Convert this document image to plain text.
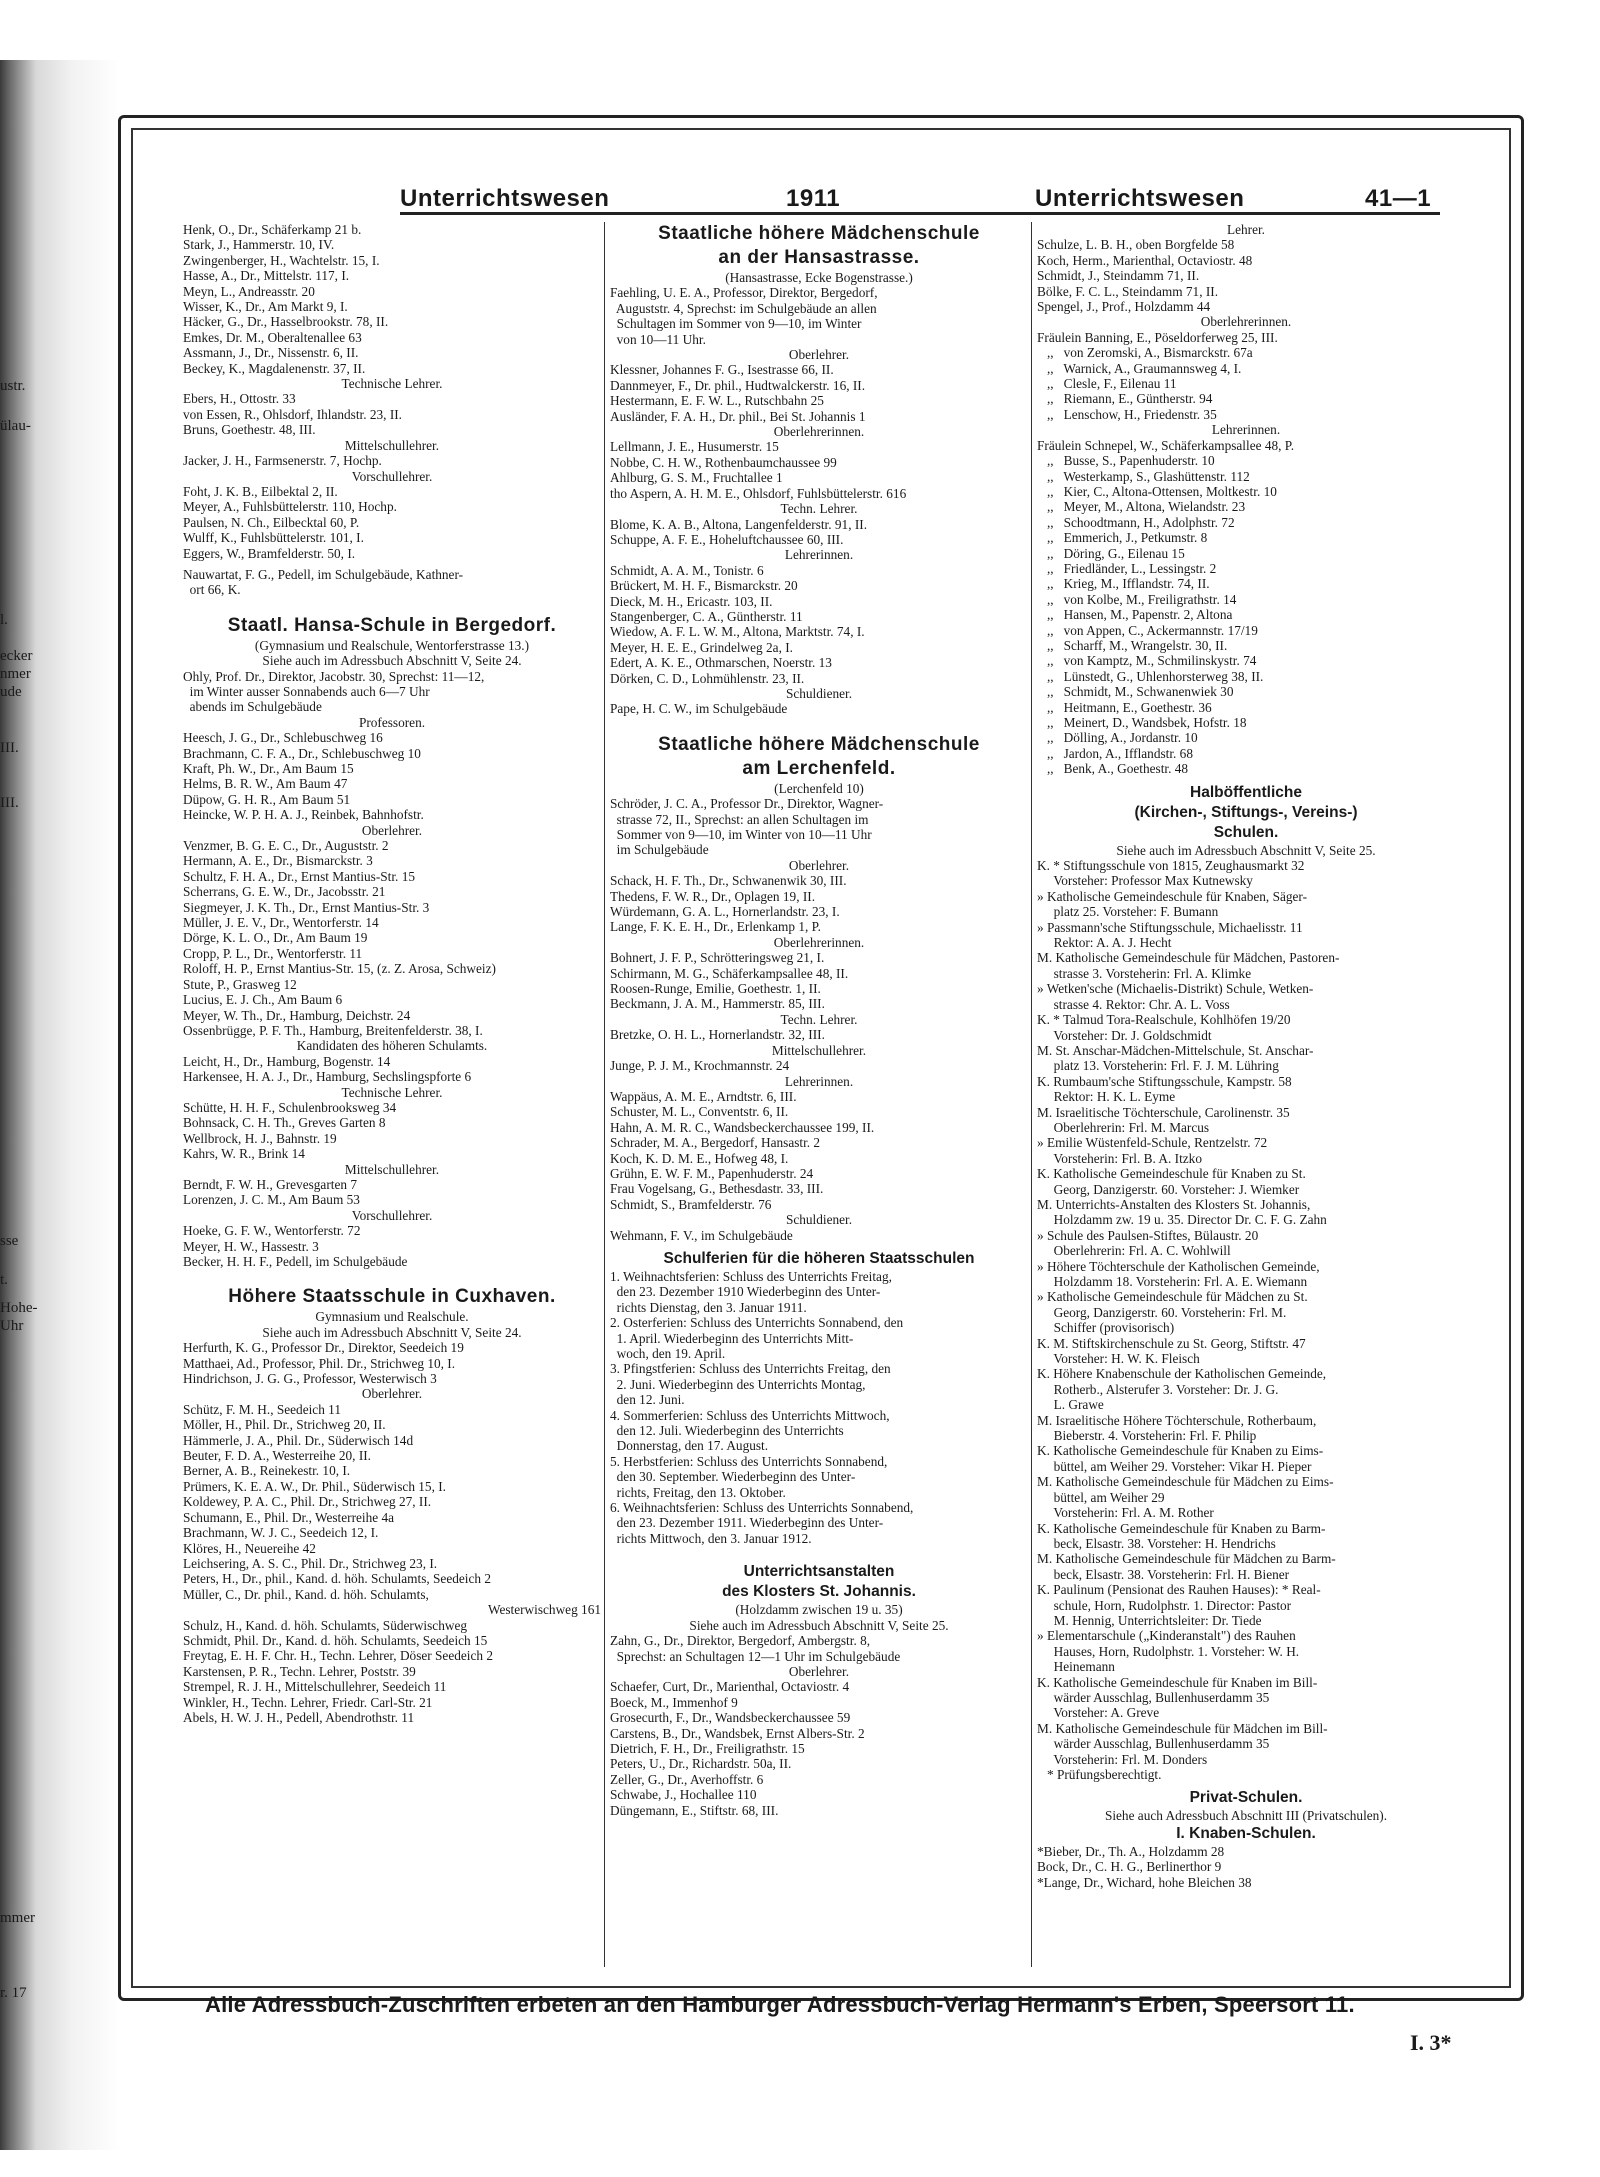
ustr.
ülau-
l.
ecker
nmer
ude
III.
III.
sse
t.
Hohe-
Uhr
mmer
r. 17
Unterrichtswesen	1911	Unterrichtswesen	41—1
Henk, O., Dr., Schäferkamp 21 b.
Stark, J., Hammerstr. 10, IV.
Zwingenberger, H., Wachtelstr. 15, I.
Hasse, A., Dr., Mittelstr. 117, I.
Meyn, L., Andreasstr. 20
Wisser, K., Dr., Am Markt 9, I.
Häcker, G., Dr., Hasselbrookstr. 78, II.
Emkes, Dr. M., Oberaltenallee 63
Assmann, J., Dr., Nissenstr. 6, II.
Beckey, K., Magdalenenstr. 37, II.
Technische Lehrer.
Ebers, H., Ottostr. 33
von Essen, R., Ohlsdorf, Ihlandstr. 23, II.
Bruns, Goethestr. 48, III.
Mittelschullehrer.
Jacker, J. H., Farmsenerstr. 7, Hochp.
Vorschullehrer.
Foht, J. K. B., Eilbektal 2, II.
Meyer, A., Fuhlsbüttelerstr. 110, Hochp.
Paulsen, N. Ch., Eilbecktal 60, P.
Wulff, K., Fuhlsbüttelerstr. 101, I.
Eggers, W., Bramfelderstr. 50, I.
Nauwartat, F. G., Pedell, im Schulgebäude, Kathner-
ort 66, K.
Staatl. Hansa-Schule in Bergedorf.
(Gymnasium und Realschule, Wentorferstrasse 13.)
Siehe auch im Adressbuch Abschnitt V, Seite 24.
Ohly, Prof. Dr., Direktor, Jacobstr. 30, Sprechst: 11—12,
im Winter ausser Sonnabends auch 6—7 Uhr
abends im Schulgebäude
Professoren.
Heesch, J. G., Dr., Schlebuschweg 16
Brachmann, C. F. A., Dr., Schlebuschweg 10
Kraft, Ph. W., Dr., Am Baum 15
Helms, B. R. W., Am Baum 47
Düpow, G. H. R., Am Baum 51
Heincke, W. P. H. A. J., Reinbek, Bahnhofstr.
Oberlehrer.
Venzmer, B. G. E. C., Dr., Auguststr. 2
Hermann, A. E., Dr., Bismarckstr. 3
Schultz, F. H. A., Dr., Ernst Mantius-Str. 15
Scherrans, G. E. W., Dr., Jacobsstr. 21
Siegmeyer, J. K. Th., Dr., Ernst Mantius-Str. 3
Müller, J. E. V., Dr., Wentorferstr. 14
Dörge, K. L. O., Dr., Am Baum 19
Cropp, P. L., Dr., Wentorferstr. 11
Roloff, H. P., Ernst Mantius-Str. 15, (z. Z. Arosa, Schweiz)
Stute, P., Grasweg 12
Lucius, E. J. Ch., Am Baum 6
Meyer, W. Th., Dr., Hamburg, Deichstr. 24
Ossenbrügge, P. F. Th., Hamburg, Breitenfelderstr. 38, I.
Kandidaten des höheren Schulamts.
Leicht, H., Dr., Hamburg, Bogenstr. 14
Harkensee, H. A. J., Dr., Hamburg, Sechslingspforte 6
Technische Lehrer.
Schütte, H. H. F., Schulenbrooksweg 34
Bohnsack, C. H. Th., Greves Garten 8
Wellbrock, H. J., Bahnstr. 19
Kahrs, W. R., Brink 14
Mittelschullehrer.
Berndt, F. W. H., Grevesgarten 7
Lorenzen, J. C. M., Am Baum 53
Vorschullehrer.
Hoeke, G. F. W., Wentorferstr. 72
Meyer, H. W., Hassestr. 3
Becker, H. H. F., Pedell, im Schulgebäude
Höhere Staatsschule in Cuxhaven.
Gymnasium und Realschule.
Siehe auch im Adressbuch Abschnitt V, Seite 24.
Herfurth, K. G., Professor Dr., Direktor, Seedeich 19
Matthaei, Ad., Professor, Phil. Dr., Strichweg 10, I.
Hindrichson, J. G. G., Professor, Westerwisch 3
Oberlehrer.
Schütz, F. M. H., Seedeich 11
Möller, H., Phil. Dr., Strichweg 20, II.
Hämmerle, J. A., Phil. Dr., Süderwisch 14d
Beuter, F. D. A., Westerreihe 20, II.
Berner, A. B., Reinekestr. 10, I.
Prümers, K. E. A. W., Dr. Phil., Süderwisch 15, I.
Koldewey, P. A. C., Phil. Dr., Strichweg 27, II.
Schumann, E., Phil. Dr., Westerreihe 4a
Brachmann, W. J. C., Seedeich 12, I.
Klöres, H., Neuereihe 42
Leichsering, A. S. C., Phil. Dr., Strichweg 23, I.
Peters, H., Dr., phil., Kand. d. höh. Schulamts, Seedeich 2
Müller, C., Dr. phil., Kand. d. höh. Schulamts,
Westerwischweg 161
Schulz, H., Kand. d. höh. Schulamts, Süderwischweg
Schmidt, Phil. Dr., Kand. d. höh. Schulamts, Seedeich 15
Freytag, E. H. F. Chr. H., Techn. Lehrer, Döser Seedeich 2
Karstensen, P. R., Techn. Lehrer, Poststr. 39
Strempel, R. J. H., Mittelschullehrer, Seedeich 11
Winkler, H., Techn. Lehrer, Friedr. Carl-Str. 21
Abels, H. W. J. H., Pedell, Abendrothstr. 11
Staatliche höhere Mädchenschule
an der Hansastrasse.
(Hansastrasse, Ecke Bogenstrasse.)
Faehling, U. E. A., Professor, Direktor, Bergedorf,
Auguststr. 4, Sprechst: im Schulgebäude an allen
Schultagen im Sommer von 9—10, im Winter
von 10—11 Uhr.
Oberlehrer.
Klessner, Johannes F. G., Isestrasse 66, II.
Dannmeyer, F., Dr. phil., Hudtwalckerstr. 16, II.
Hestermann, E. F. W. L., Rutschbahn 25
Ausländer, F. A. H., Dr. phil., Bei St. Johannis 1
Oberlehrerinnen.
Lellmann, J. E., Husumerstr. 15
Nobbe, C. H. W., Rothenbaumchaussee 99
Ahlburg, G. S. M., Fruchtallee 1
tho Aspern, A. H. M. E., Ohlsdorf, Fuhlsbüttelerstr. 616
Techn. Lehrer.
Blome, K. A. B., Altona, Langenfelderstr. 91, II.
Schuppe, A. F. E., Hoheluftchaussee 60, III.
Lehrerinnen.
Schmidt, A. A. M., Tonistr. 6
Brückert, M. H. F., Bismarckstr. 20
Dieck, M. H., Ericastr. 103, II.
Stangenberger, C. A., Güntherstr. 11
Wiedow, A. F. L. W. M., Altona, Marktstr. 74, I.
Meyer, H. E. E., Grindelweg 2a, I.
Edert, A. K. E., Othmarschen, Noerstr. 13
Dörken, C. D., Lohmühlenstr. 23, II.
Schuldiener.
Pape, H. C. W., im Schulgebäude
Staatliche höhere Mädchenschule
am Lerchenfeld.
(Lerchenfeld 10)
Schröder, J. C. A., Professor Dr., Direktor, Wagner-
strasse 72, II., Sprechst: an allen Schultagen im
Sommer von 9—10, im Winter von 10—11 Uhr
im Schulgebäude
Oberlehrer.
Schack, H. F. Th., Dr., Schwanenwik 30, III.
Thedens, F. W. R., Dr., Oplagen 19, II.
Würdemann, G. A. L., Hornerlandstr. 23, I.
Lange, F. K. E. H., Dr., Erlenkamp 1, P.
Oberlehrerinnen.
Bohnert, J. F. P., Schrötteringsweg 21, I.
Schirmann, M. G., Schäferkampsallee 48, II.
Roosen-Runge, Emilie, Goethestr. 1, II.
Beckmann, J. A. M., Hammerstr. 85, III.
Techn. Lehrer.
Bretzke, O. H. L., Hornerlandstr. 32, III.
Mittelschullehrer.
Junge, P. J. M., Krochmannstr. 24
Lehrerinnen.
Wappäus, A. M. E., Arndtstr. 6, III.
Schuster, M. L., Conventstr. 6, II.
Hahn, A. M. R. C., Wandsbeckerchaussee 199, II.
Schrader, M. A., Bergedorf, Hansastr. 2
Koch, K. D. M. E., Hofweg 48, I.
Grühn, E. W. F. M., Papenhuderstr. 24
Frau Vogelsang, G., Bethesdastr. 33, III.
Schmidt, S., Bramfelderstr. 76
Schuldiener.
Wehmann, F. V., im Schulgebäude
Schulferien für die höheren Staatsschulen
1. Weihnachtsferien: Schluss des Unterrichts Freitag,
den 23. Dezember 1910 Wiederbeginn des Unter-
richts Dienstag, den 3. Januar 1911.
2. Osterferien: Schluss des Unterrichts Sonnabend, den
1. April. Wiederbeginn des Unterrichts Mitt-
woch, den 19. April.
3. Pfingstferien: Schluss des Unterrichts Freitag, den
2. Juni. Wiederbeginn des Unterrichts Montag,
den 12. Juni.
4. Sommerferien: Schluss des Unterrichts Mittwoch,
den 12. Juli. Wiederbeginn des Unterrichts
Donnerstag, den 17. August.
5. Herbstferien: Schluss des Unterrichts Sonnabend,
den 30. September. Wiederbeginn des Unter-
richts, Freitag, den 13. Oktober.
6. Weihnachtsferien: Schluss des Unterrichts Sonnabend,
den 23. Dezember 1911. Wiederbeginn des Unter-
richts Mittwoch, den 3. Januar 1912.
Unterrichtsanstalten
des Klosters St. Johannis.
(Holzdamm zwischen 19 u. 35)
Siehe auch im Adressbuch Abschnitt V, Seite 25.
Zahn, G., Dr., Direktor, Bergedorf, Ambergstr. 8,
Sprechst: an Schultagen 12—1 Uhr im Schulgebäude
Oberlehrer.
Schaefer, Curt, Dr., Marienthal, Octaviostr. 4
Boeck, M., Immenhof 9
Grosecurth, F., Dr., Wandsbeckerchaussee 59
Carstens, B., Dr., Wandsbek, Ernst Albers-Str. 2
Dietrich, F. H., Dr., Freiligrathstr. 15
Peters, U., Dr., Richardstr. 50a, II.
Zeller, G., Dr., Averhoffstr. 6
Schwabe, J., Hochallee 110
Düngemann, E., Stiftstr. 68, III.
Lehrer.
Schulze, L. B. H., oben Borgfelde 58
Koch, Herm., Marienthal, Octaviostr. 48
Schmidt, J., Steindamm 71, II.
Bölke, F. C. L., Steindamm 71, II.
Spengel, J., Prof., Holzdamm 44
Oberlehrerinnen.
Fräulein Banning, E., Pöseldorferweg 25, III.
,,   von Zeromski, A., Bismarckstr. 67a
,,   Warnick, A., Graumannsweg 4, I.
,,   Clesle, F., Eilenau 11
,,   Riemann, E., Güntherstr. 94
,,   Lenschow, H., Friedenstr. 35
Lehrerinnen.
Fräulein Schnepel, W., Schäferkampsallee 48, P.
,,   Busse, S., Papenhuderstr. 10
,,   Westerkamp, S., Glashüttenstr. 112
,,   Kier, C., Altona-Ottensen, Moltkestr. 10
,,   Meyer, M., Altona, Wielandstr. 23
,,   Schoodtmann, H., Adolphstr. 72
,,   Emmerich, J., Petkumstr. 8
,,   Döring, G., Eilenau 15
,,   Friedländer, L., Lessingstr. 2
,,   Krieg, M., Ifflandstr. 74, II.
,,   von Kolbe, M., Freiligrathstr. 14
,,   Hansen, M., Papenstr. 2, Altona
,,   von Appen, C., Ackermannstr. 17/19
,,   Scharff, M., Wrangelstr. 30, II.
,,   von Kamptz, M., Schmilinskystr. 74
,,   Lünstedt, G., Uhlenhorsterweg 38, II.
,,   Schmidt, M., Schwanenwiek 30
,,   Heitmann, E., Goethestr. 36
,,   Meinert, D., Wandsbek, Hofstr. 18
,,   Dölling, A., Jordanstr. 10
,,   Jardon, A., Ifflandstr. 68
,,   Benk, A., Goethestr. 48
Halböffentliche
(Kirchen-, Stiftungs-, Vereins-)
Schulen.
Siehe auch im Adressbuch Abschnitt V, Seite 25.
K. * Stiftungsschule von 1815, Zeughausmarkt 32
Vorsteher: Professor Max Kutnewsky
» Katholische Gemeindeschule für Knaben, Säger-
platz 25. Vorsteher: F. Bumann
» Passmann'sche Stiftungsschule, Michaelisstr. 11
Rektor: A. A. J. Hecht
M. Katholische Gemeindeschule für Mädchen, Pastoren-
strasse 3. Vorsteherin: Frl. A. Klimke
» Wetken'sche (Michaelis-Distrikt) Schule, Wetken-
strasse 4. Rektor: Chr. A. L. Voss
K. * Talmud Tora-Realschule, Kohlhöfen 19/20
Vorsteher: Dr. J. Goldschmidt
M. St. Anschar-Mädchen-Mittelschule, St. Anschar-
platz 13. Vorsteherin: Frl. F. J. M. Lühring
K. Rumbaum'sche Stiftungsschule, Kampstr. 58
Rektor: H. K. L. Eyme
M. Israelitische Töchterschule, Carolinenstr. 35
Oberlehrerin: Frl. M. Marcus
» Emilie Wüstenfeld-Schule, Rentzelstr. 72
Vorsteherin: Frl. B. A. Itzko
K. Katholische Gemeindeschule für Knaben zu St.
Georg, Danzigerstr. 60. Vorsteher: J. Wiemker
M. Unterrichts-Anstalten des Klosters St. Johannis,
Holzdamm zw. 19 u. 35. Director Dr. C. F. G. Zahn
» Schule des Paulsen-Stiftes, Bülaustr. 20
Oberlehrerin: Frl. A. C. Wohlwill
» Höhere Töchterschule der Katholischen Gemeinde,
Holzdamm 18. Vorsteherin: Frl. A. E. Wiemann
» Katholische Gemeindeschule für Mädchen zu St.
Georg, Danzigerstr. 60. Vorsteherin: Frl. M.
Schiffer (provisorisch)
K. M. Stiftskirchenschule zu St. Georg, Stiftstr. 47
Vorsteher: H. W. K. Fleisch
K. Höhere Knabenschule der Katholischen Gemeinde,
Rotherb., Alsterufer 3. Vorsteher: Dr. J. G.
L. Grawe
M. Israelitische Höhere Töchterschule, Rotherbaum,
Bieberstr. 4. Vorsteherin: Frl. F. Philip
K. Katholische Gemeindeschule für Knaben zu Eims-
büttel, am Weiher 29. Vorsteher: Vikar H. Pieper
M. Katholische Gemeindeschule für Mädchen zu Eims-
büttel, am Weiher 29
Vorsteherin: Frl. A. M. Rother
K. Katholische Gemeindeschule für Knaben zu Barm-
beck, Elsastr. 38. Vorsteher: H. Hendrichs
M. Katholische Gemeindeschule für Mädchen zu Barm-
beck, Elsastr. 38. Vorsteherin: Frl. H. Biener
K. Paulinum (Pensionat des Rauhen Hauses): * Real-
schule, Horn, Rudolphstr. 1. Director: Pastor
M. Hennig, Unterrichtsleiter: Dr. Tiede
» Elementarschule („Kinderanstalt") des Rauhen
Hauses, Horn, Rudolphstr. 1. Vorsteher: W. H.
Heinemann
K. Katholische Gemeindeschule für Knaben im Bill-
wärder Ausschlag, Bullenhuserdamm 35
Vorsteher: A. Greve
M. Katholische Gemeindeschule für Mädchen im Bill-
wärder Ausschlag, Bullenhuserdamm 35
Vorsteherin: Frl. M. Donders
* Prüfungsberechtigt.
Privat-Schulen.
Siehe auch Adressbuch Abschnitt III (Privatschulen).
I. Knaben-Schulen.
*Bieber, Dr., Th. A., Holzdamm 28
Bock, Dr., C. H. G., Berlinerthor 9
*Lange, Dr., Wichard, hohe Bleichen 38
Alle Adressbuch-Zuschriften erbeten an den Hamburger Adressbuch-Verlag Hermann's Erben, Speersort 11.
I. 3*
